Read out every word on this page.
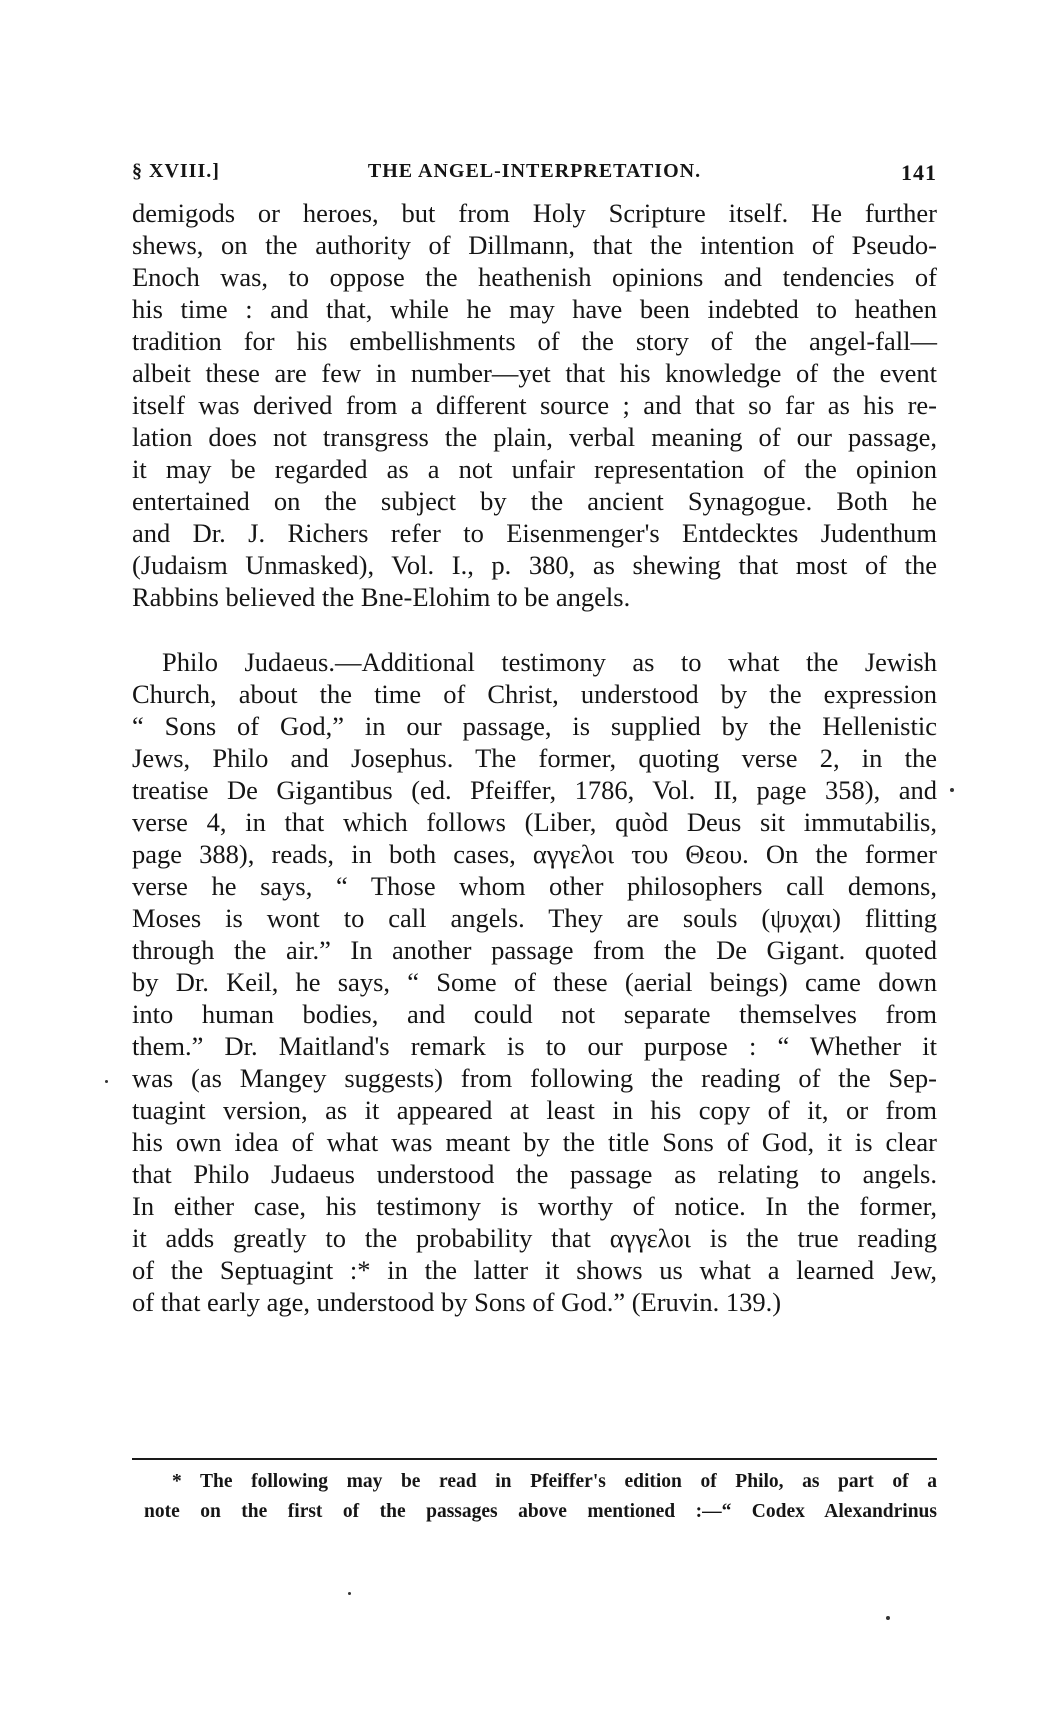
§ XVIII.]	THE ANGEL-INTERPRETATION.	141
demigods or heroes, but from Holy Scripture itself. He further
shews, on the authority of Dillmann, that the intention of Pseudo-
Enoch was, to oppose the heathenish opinions and tendencies of
his time : and that, while he may have been indebted to heathen
tradition for his embellishments of the story of the angel-fall—
albeit these are few in number—yet that his knowledge of the event
itself was derived from a different source ; and that so far as his re-
lation does not transgress the plain, verbal meaning of our passage,
it may be regarded as a not unfair representation of the opinion
entertained on the subject by the ancient Synagogue. Both he
and Dr. J. Richers refer to Eisenmenger's Entdecktes Judenthum
(Judaism Unmasked), Vol. I., p. 380, as shewing that most of the
Rabbins believed the Bne-Elohim to be angels.
Philo Judaeus.—Additional testimony as to what the Jewish
Church, about the time of Christ, understood by the expression
“ Sons of God,” in our passage, is supplied by the Hellenistic
Jews, Philo and Josephus. The former, quoting verse 2, in the
treatise De Gigantibus (ed. Pfeiffer, 1786, Vol. II, page 358), and
verse 4, in that which follows (Liber, quòd Deus sit immutabilis,
page 388), reads, in both cases, αγγελοι του Θεου. On the former
verse he says, “ Those whom other philosophers call demons,
Moses is wont to call angels. They are souls (ψυχαι) flitting
through the air.” In another passage from the De Gigant. quoted
by Dr. Keil, he says, “ Some of these (aerial beings) came down
into human bodies, and could not separate themselves from
them.” Dr. Maitland's remark is to our purpose : “ Whether it
was (as Mangey suggests) from following the reading of the Sep-
tuagint version, as it appeared at least in his copy of it, or from
his own idea of what was meant by the title Sons of God, it is clear
that Philo Judaeus understood the passage as relating to angels.
In either case, his testimony is worthy of notice. In the former,
it adds greatly to the probability that αγγελοι is the true reading
of the Septuagint :* in the latter it shows us what a learned Jew,
of that early age, understood by Sons of God.” (Eruvin. 139.)
* The following may be read in Pfeiffer's edition of Philo, as part of a
note on the first of the passages above mentioned :—“ Codex Alexandrinus
